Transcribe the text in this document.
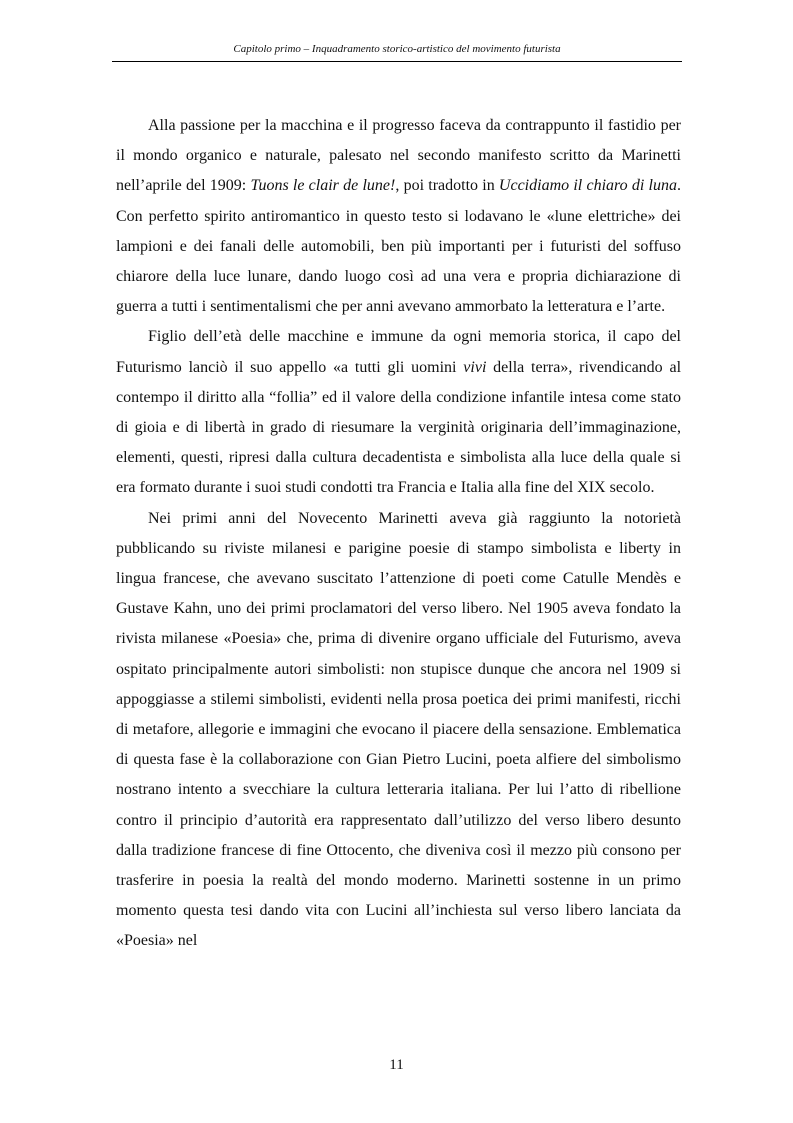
Capitolo primo – Inquadramento storico-artistico del movimento futurista

Alla passione per la macchina e il progresso faceva da contrappunto il fastidio per il mondo organico e naturale, palesato nel secondo manifesto scritto da Marinetti nell’aprile del 1909: Tuons le clair de lune!, poi tradotto in Uccidiamo il chiaro di luna. Con perfetto spirito antiromantico in questo testo si lodavano le «lune elettriche» dei lampioni e dei fanali delle automobili, ben più importanti per i futuristi del soffuso chiarore della luce lunare, dando luogo così ad una vera e propria dichiarazione di guerra a tutti i sentimentalismi che per anni avevano ammorbato la letteratura e l’arte.

Figlio dell’età delle macchine e immune da ogni memoria storica, il capo del Futurismo lanciò il suo appello «a tutti gli uomini vivi della terra», rivendicando al contempo il diritto alla “follia” ed il valore della condizione infantile intesa come stato di gioia e di libertà in grado di riesumare la verginità originaria dell’immaginazione, elementi, questi, ripresi dalla cultura decadentista e simbolista alla luce della quale si era formato durante i suoi studi condotti tra Francia e Italia alla fine del XIX secolo.

Nei primi anni del Novecento Marinetti aveva già raggiunto la notorietà pubblicando su riviste milanesi e parigine poesie di stampo simbolista e liberty in lingua francese, che avevano suscitato l’attenzione di poeti come Catulle Mendès e Gustave Kahn, uno dei primi proclamatori del verso libero. Nel 1905 aveva fondato la rivista milanese «Poesia» che, prima di divenire organo ufficiale del Futurismo, aveva ospitato principalmente autori simbolisti: non stupisce dunque che ancora nel 1909 si appoggiasse a stilemi simbolisti, evidenti nella prosa poetica dei primi manifesti, ricchi di metafore, allegorie e immagini che evocano il piacere della sensazione. Emblematica di questa fase è la collaborazione con Gian Pietro Lucini, poeta alfiere del simbolismo nostrano intento a svecchiare la cultura letteraria italiana. Per lui l’atto di ribellione contro il principio d’autorità era rappresentato dall’utilizzo del verso libero desunto dalla tradizione francese di fine Ottocento, che diveniva così il mezzo più consono per trasferire in poesia la realtà del mondo moderno. Marinetti sostenne in un primo momento questa tesi dando vita con Lucini all’inchiesta sul verso libero lanciata da «Poesia» nel

11
